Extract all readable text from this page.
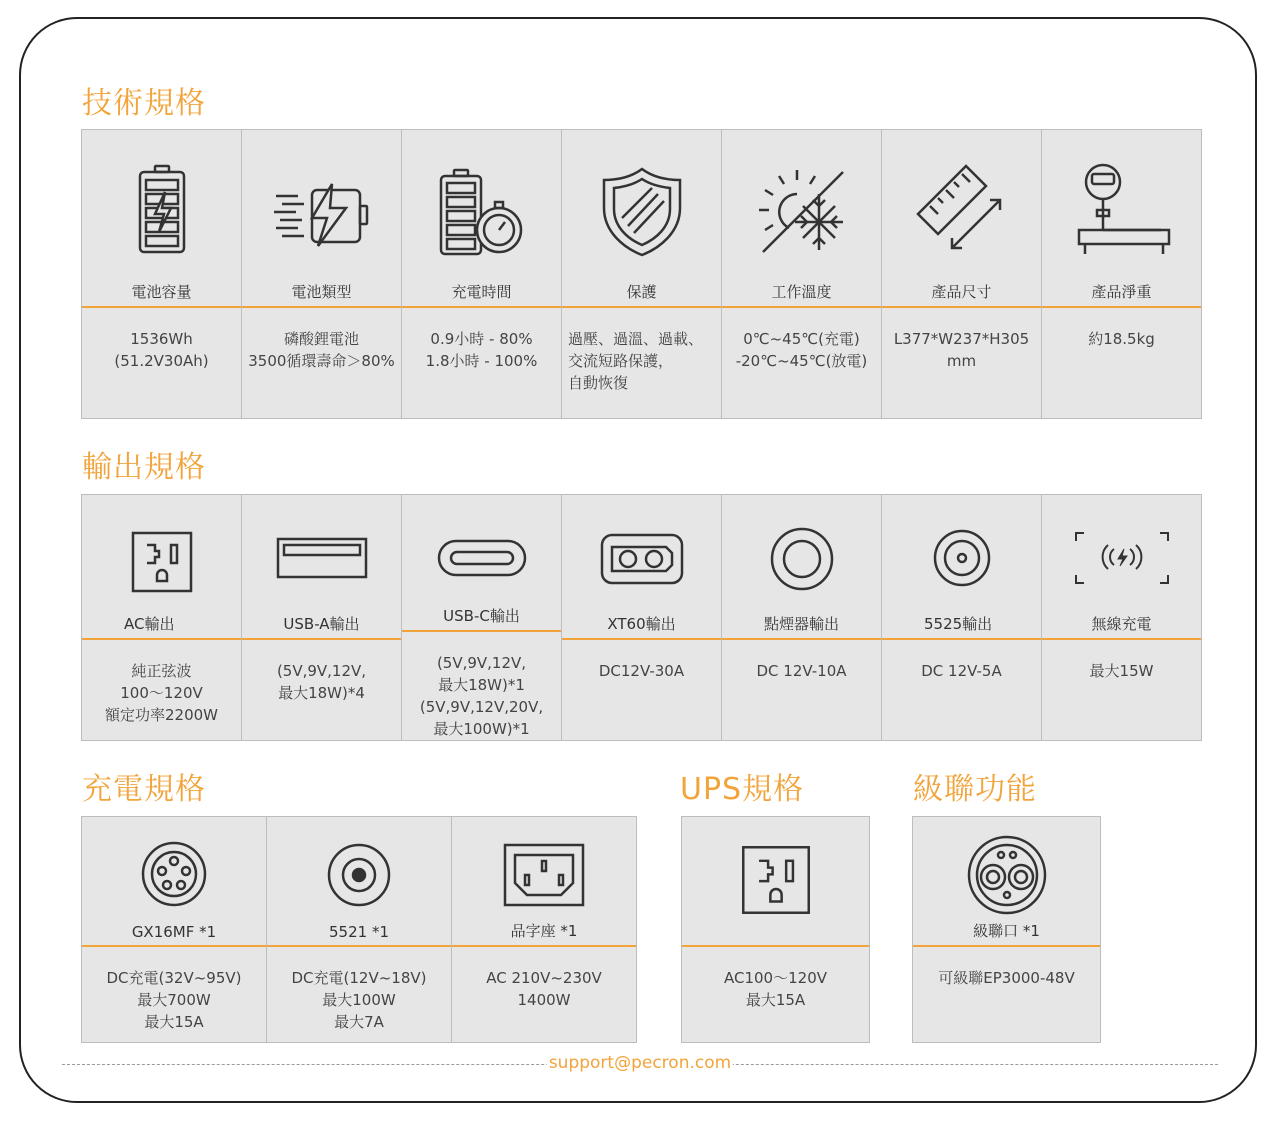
技術規格
輸出規格
充電規格	UPS規格	級聯功能
電池容量
1536Wh
(51.2V30Ah)
電池類型
磷酸鋰電池
3500循環壽命＞80%
充電時間
0.9小時 - 80%
1.8小時 - 100%
保護
過壓、過溫、過載、
交流短路保護，
自動恢復
工作溫度
0℃~45℃(充電)
-20℃~45℃(放電)
產品尺寸
L377*W237*H305
mm
產品淨重
約18.5kg
AC輸出
純正弦波
100～120V
額定功率2200W
USB-A輸出
(5V,9V,12V,
最大18W)*4
USB-C輸出
(5V,9V,12V,
最大18W)*1
(5V,9V,12V,20V,
最大100W)*1
XT60輸出
DC12V-30A
點煙器輸出
DC 12V-10A
5525輸出
DC 12V-5A
無線充電
最大15W
GX16MF *1
DC充電(32V~95V)
最大700W
最大15A
5521 *1
DC充電(12V~18V)
最大100W
最大7A
品字座 *1
AC 210V~230V
1400W
AC100～120V
最大15A
級聯口 *1
可級聯EP3000-48V
support@pecron.com
